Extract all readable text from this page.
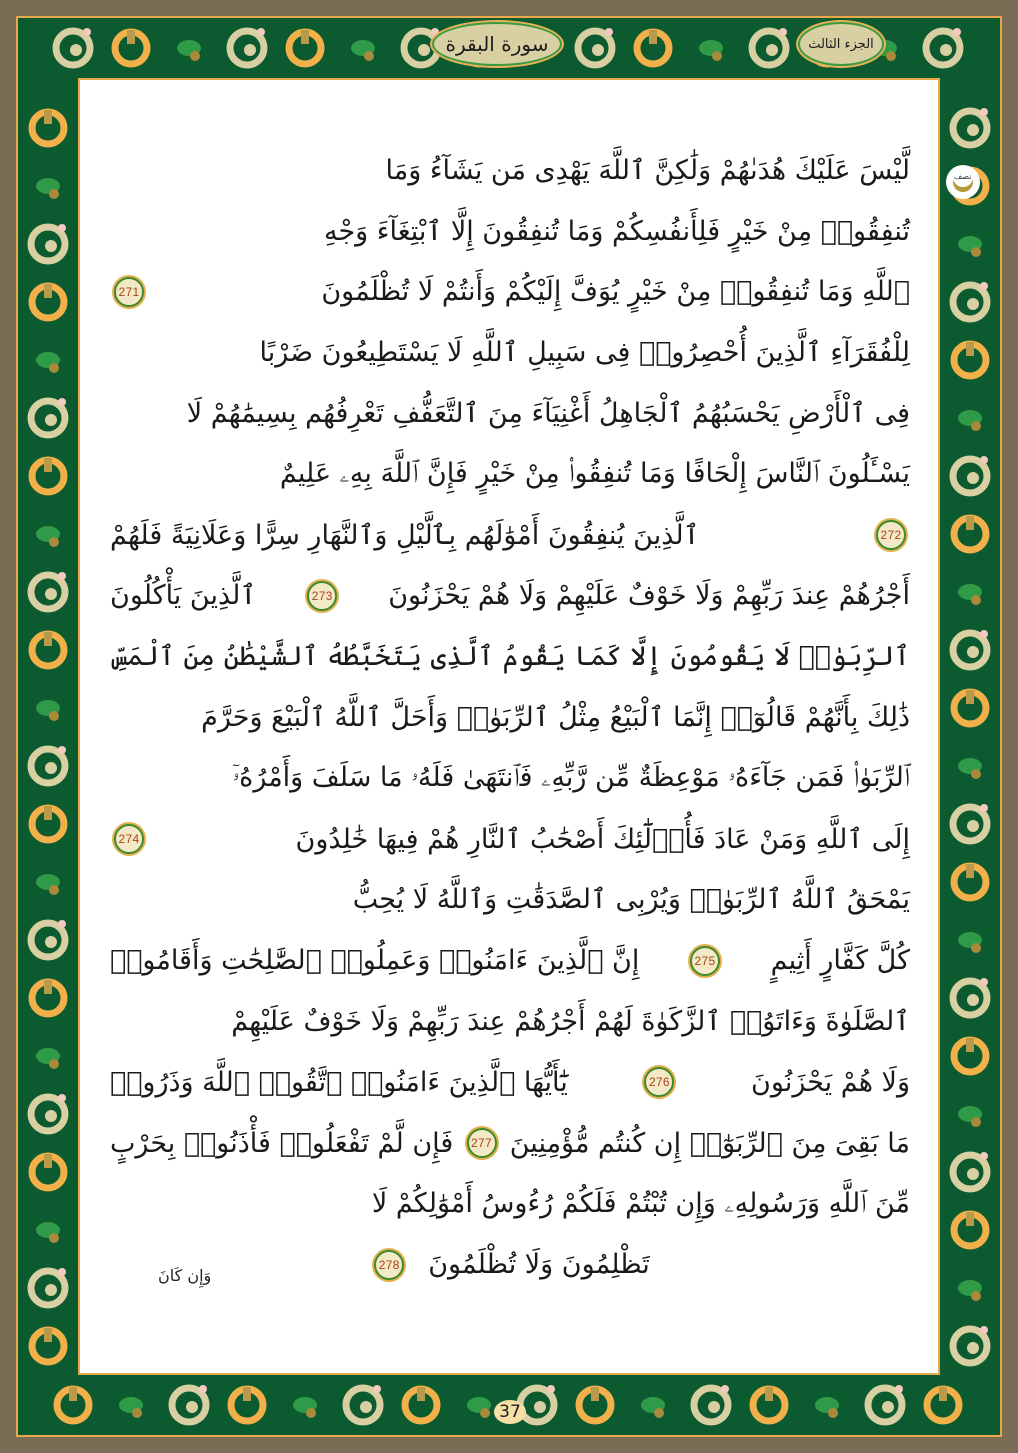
سورة البقرة	الجزء الثالث
نصف
لَّيْسَ عَلَيْكَ هُدَىٰهُمْ وَلَٰكِنَّ ٱللَّهَ يَهْدِى مَن يَشَآءُ وَمَا
تُنفِقُوا۟ مِنْ خَيْرٍ فَلِأَنفُسِكُمْ وَمَا تُنفِقُونَ إِلَّا ٱبْتِغَآءَ وَجْهِ
ٱللَّهِ وَمَا تُنفِقُوا۟ مِنْ خَيْرٍ يُوَفَّ إِلَيْكُمْ وَأَنتُمْ لَا تُظْلَمُونَ
271
لِلْفُقَرَآءِ ٱلَّذِينَ أُحْصِرُوا۟ فِى سَبِيلِ ٱللَّهِ لَا يَسْتَطِيعُونَ ضَرْبًا
فِى ٱلْأَرْضِ يَحْسَبُهُمُ ٱلْجَاهِلُ أَغْنِيَآءَ مِنَ ٱلتَّعَفُّفِ تَعْرِفُهُم بِسِيمَٰهُمْ لَا
يَسْـَٔلُونَ ٱلنَّاسَ إِلْحَافًا وَمَا تُنفِقُوا۟ مِنْ خَيْرٍ فَإِنَّ ٱللَّهَ بِهِۦ عَلِيمٌ
272
ٱلَّذِينَ يُنفِقُونَ أَمْوَٰلَهُم بِٱلَّيْلِ وَٱلنَّهَارِ سِرًّا وَعَلَانِيَةً فَلَهُمْ
أَجْرُهُمْ عِندَ رَبِّهِمْ وَلَا خَوْفٌ عَلَيْهِمْ وَلَا هُمْ يَحْزَنُونَ
273
ٱلَّذِينَ يَأْكُلُونَ
ٱلرِّبَوٰا۟ لَا يَقُومُونَ إِلَّا كَمَا يَقُومُ ٱلَّذِى يَتَخَبَّطُهُ ٱلشَّيْطَٰنُ مِنَ ٱلْمَسِّ
ذَٰلِكَ بِأَنَّهُمْ قَالُوٓا۟ إِنَّمَا ٱلْبَيْعُ مِثْلُ ٱلرِّبَوٰا۟ وَأَحَلَّ ٱللَّهُ ٱلْبَيْعَ وَحَرَّمَ
ٱلرِّبَوٰا۟ فَمَن جَآءَهُۥ مَوْعِظَةٌ مِّن رَّبِّهِۦ فَٱنتَهَىٰ فَلَهُۥ مَا سَلَفَ وَأَمْرُهُۥٓ
إِلَى ٱللَّهِ وَمَنْ عَادَ فَأُو۟لَٰٓئِكَ أَصْحَٰبُ ٱلنَّارِ هُمْ فِيهَا خَٰلِدُونَ
274
يَمْحَقُ ٱللَّهُ ٱلرِّبَوٰا۟ وَيُرْبِى ٱلصَّدَقَٰتِ وَٱللَّهُ لَا يُحِبُّ
كُلَّ كَفَّارٍ أَثِيمٍ
275
إِنَّ ٱلَّذِينَ ءَامَنُوا۟ وَعَمِلُوا۟ ٱلصَّٰلِحَٰتِ وَأَقَامُوا۟
ٱلصَّلَوٰةَ وَءَاتَوُا۟ ٱلزَّكَوٰةَ لَهُمْ أَجْرُهُمْ عِندَ رَبِّهِمْ وَلَا خَوْفٌ عَلَيْهِمْ
وَلَا هُمْ يَحْزَنُونَ
276
يَٰٓأَيُّهَا ٱلَّذِينَ ءَامَنُوا۟ ٱتَّقُوا۟ ٱللَّهَ وَذَرُوا۟
مَا بَقِىَ مِنَ ٱلرِّبَوٰٓا۟ إِن كُنتُم مُّؤْمِنِينَ
277
فَإِن لَّمْ تَفْعَلُوا۟ فَأْذَنُوا۟ بِحَرْبٍ
مِّنَ ٱللَّهِ وَرَسُولِهِۦ وَإِن تُبْتُمْ فَلَكُمْ رُءُوسُ أَمْوَٰلِكُمْ لَا
تَظْلِمُونَ وَلَا تُظْلَمُونَ
278
وَإِن كَانَ
37
